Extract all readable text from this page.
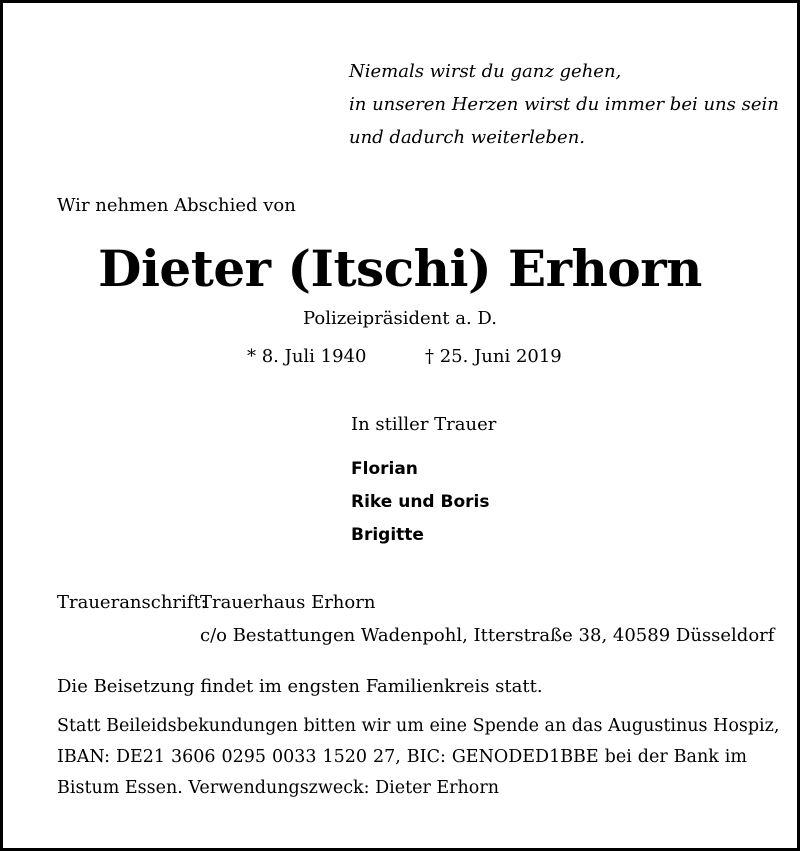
Niemals wirst du ganz gehen,
in unseren Herzen wirst du immer bei uns sein
und dadurch weiterleben.
Wir nehmen Abschied von
Dieter (Itschi) Erhorn
Polizeipräsident a. D.
* 8. Juli 1940	† 25. Juni 2019
In stiller Trauer
Florian
Rike und Boris
Brigitte
Traueranschrift:
Trauerhaus Erhorn
c/o Bestattungen Wadenpohl, Itterstraße 38, 40589 Düsseldorf
Die Beisetzung findet im engsten Familienkreis statt.
Statt Beileidsbekundungen bitten wir um eine Spende an das Augustinus Hospiz,
IBAN: DE21 3606 0295 0033 1520 27, BIC: GENODED1BBE bei der Bank im
Bistum Essen. Verwendungszweck: Dieter Erhorn
